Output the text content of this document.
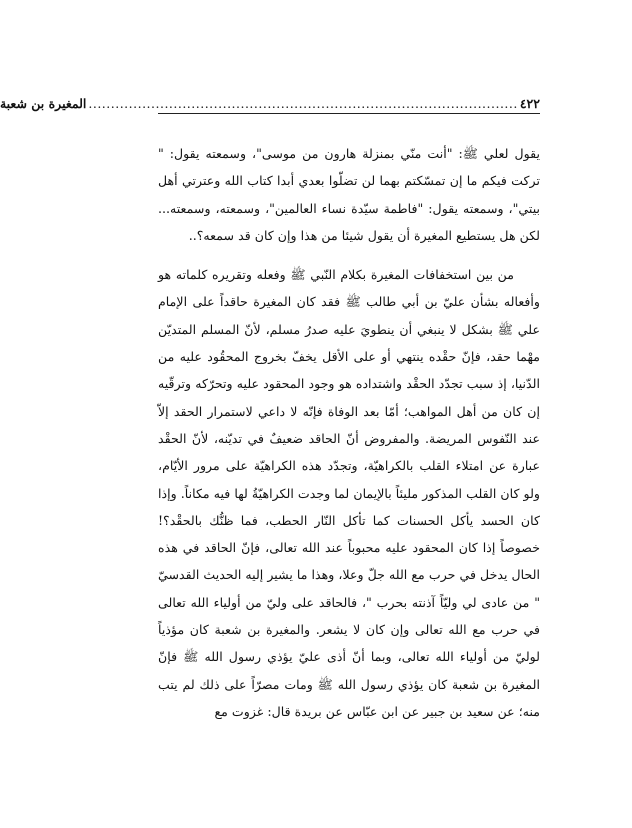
٤٢٢
................................................................................................
المغيرة بن شعبة

يقول لعلي ﷺ: "أنت منّي بمنزلة هارون من موسى"، وسمعته يقول: " تركت فيكم ما إن تمسّكتم بهما لن تضلّوا بعدي أبدا كتاب الله وعترتي أهل بيتي"، وسمعته يقول: "فاطمة سيّدة نساء العالمين"، وسمعته، وسمعته... لكن هل يستطيع المغيرة أن يقول شيئا من هذا وإن كان قد سمعه؟..

من بين استخفافات المغيرة بكلام النّبي ﷺ وفعله وتقريره كلماته هو وأفعاله بشأن عليّ بن أبي طالب ﷺ فقد كان المغيرة حاقداً على الإمام علي ﷺ بشكل لا ينبغي أن ينطويَ عليه صدرُ مسلم، لأنّ المسلم المتديّن مهْما حقد، فإنّ حقْده ينتهي أو على الأقل يخفّ بخروج المحقُود عليه من الدّنيا، إذ سبب تجدّد الحقْد واشتداده هو وجود المحقود عليه وتحرّكه وترقّيه إن كان من أهل المواهب؛ أمّا بعد الوفاة فإنّه لا داعي لاستمرار الحقد إلاّ عند النّفوس المريضة. والمفروض أنّ الحاقد ضعيفٌ في تديّنه، لأنّ الحقْد عبارة عن امتلاء القلب بالكراهيّة، وتجدّد هذه الكراهيّة على مرور الأيّام، ولو كان القلب المذكور مليئاً بالإيمان لما وجدت الكراهيّةُ لها فيه مكاناً. وإذا كان الحسد يأكل الحسنات كما تأكل النّار الحطب، فما ظنُّك بالحقْد؟! خصوصاً إذا كان المحقود عليه محبوباً عند الله تعالى، فإنّ الحاقد في هذه الحال يدخل في حرب مع الله جلّ وعلا، وهذا ما يشير إليه الحديث القدسيّ " من عادى لي وليّاً آذنته بحرب "، فالحاقد على وليّ من أولياء الله تعالى في حرب مع الله تعالى وإن كان لا يشعر. والمغيرة بن شعبة كان مؤذياً لوليّ من أولياء الله تعالى، وبما أنّ أذى عليّ يؤذي رسول الله ﷺ فإنّ المغيرة بن شعبة كان يؤذي رسول الله ﷺ ومات مصرّاً على ذلك لم يتب منه؛ عن سعيد بن جبير عن ابن عبّاس عن بريدة قال: غزوت مع
